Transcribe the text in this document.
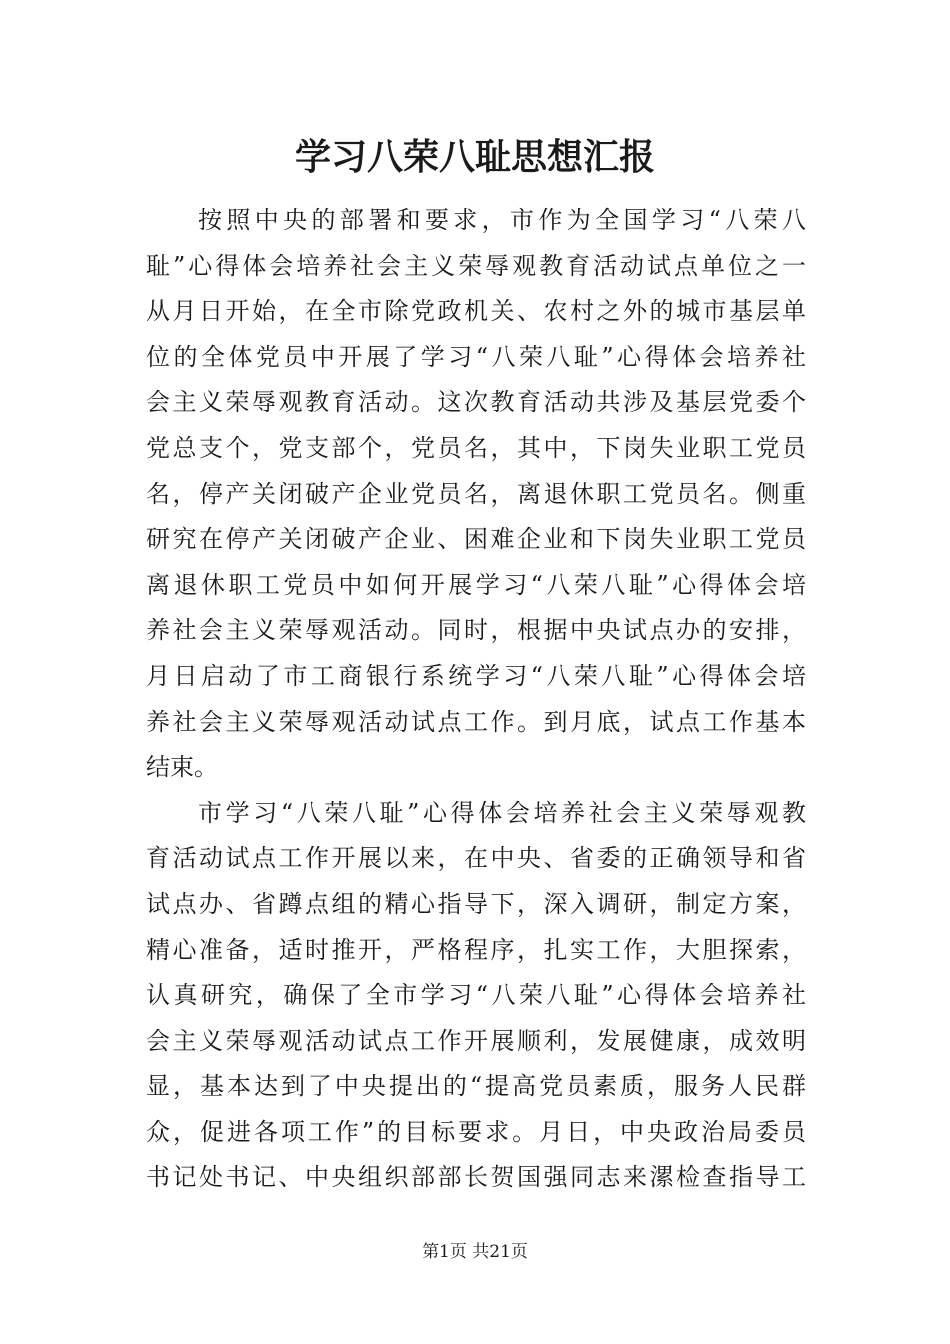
学习八荣八耻思想汇报
按照中央的部署和要求，市作为全国学习“八荣八
耻”心得体会培养社会主义荣辱观教育活动试点单位之一
从月日开始，在全市除党政机关、农村之外的城市基层单
位的全体党员中开展了学习“八荣八耻”心得体会培养社
会主义荣辱观教育活动。这次教育活动共涉及基层党委个
党总支个，党支部个，党员名，其中，下岗失业职工党员
名，停产关闭破产企业党员名，离退休职工党员名。侧重
研究在停产关闭破产企业、困难企业和下岗失业职工党员
离退休职工党员中如何开展学习“八荣八耻”心得体会培
养社会主义荣辱观活动。同时，根据中央试点办的安排，
月日启动了市工商银行系统学习“八荣八耻”心得体会培
养社会主义荣辱观活动试点工作。到月底，试点工作基本
结束。
市学习“八荣八耻”心得体会培养社会主义荣辱观教
育活动试点工作开展以来，在中央、省委的正确领导和省
试点办、省蹲点组的精心指导下，深入调研，制定方案，
精心准备，适时推开，严格程序，扎实工作，大胆探索，
认真研究，确保了全市学习“八荣八耻”心得体会培养社
会主义荣辱观活动试点工作开展顺利，发展健康，成效明
显，基本达到了中央提出的“提高党员素质，服务人民群
众，促进各项工作”的目标要求。月日，中央政治局委员
书记处书记、中央组织部部长贺国强同志来漯检查指导工
第1页 共21页
